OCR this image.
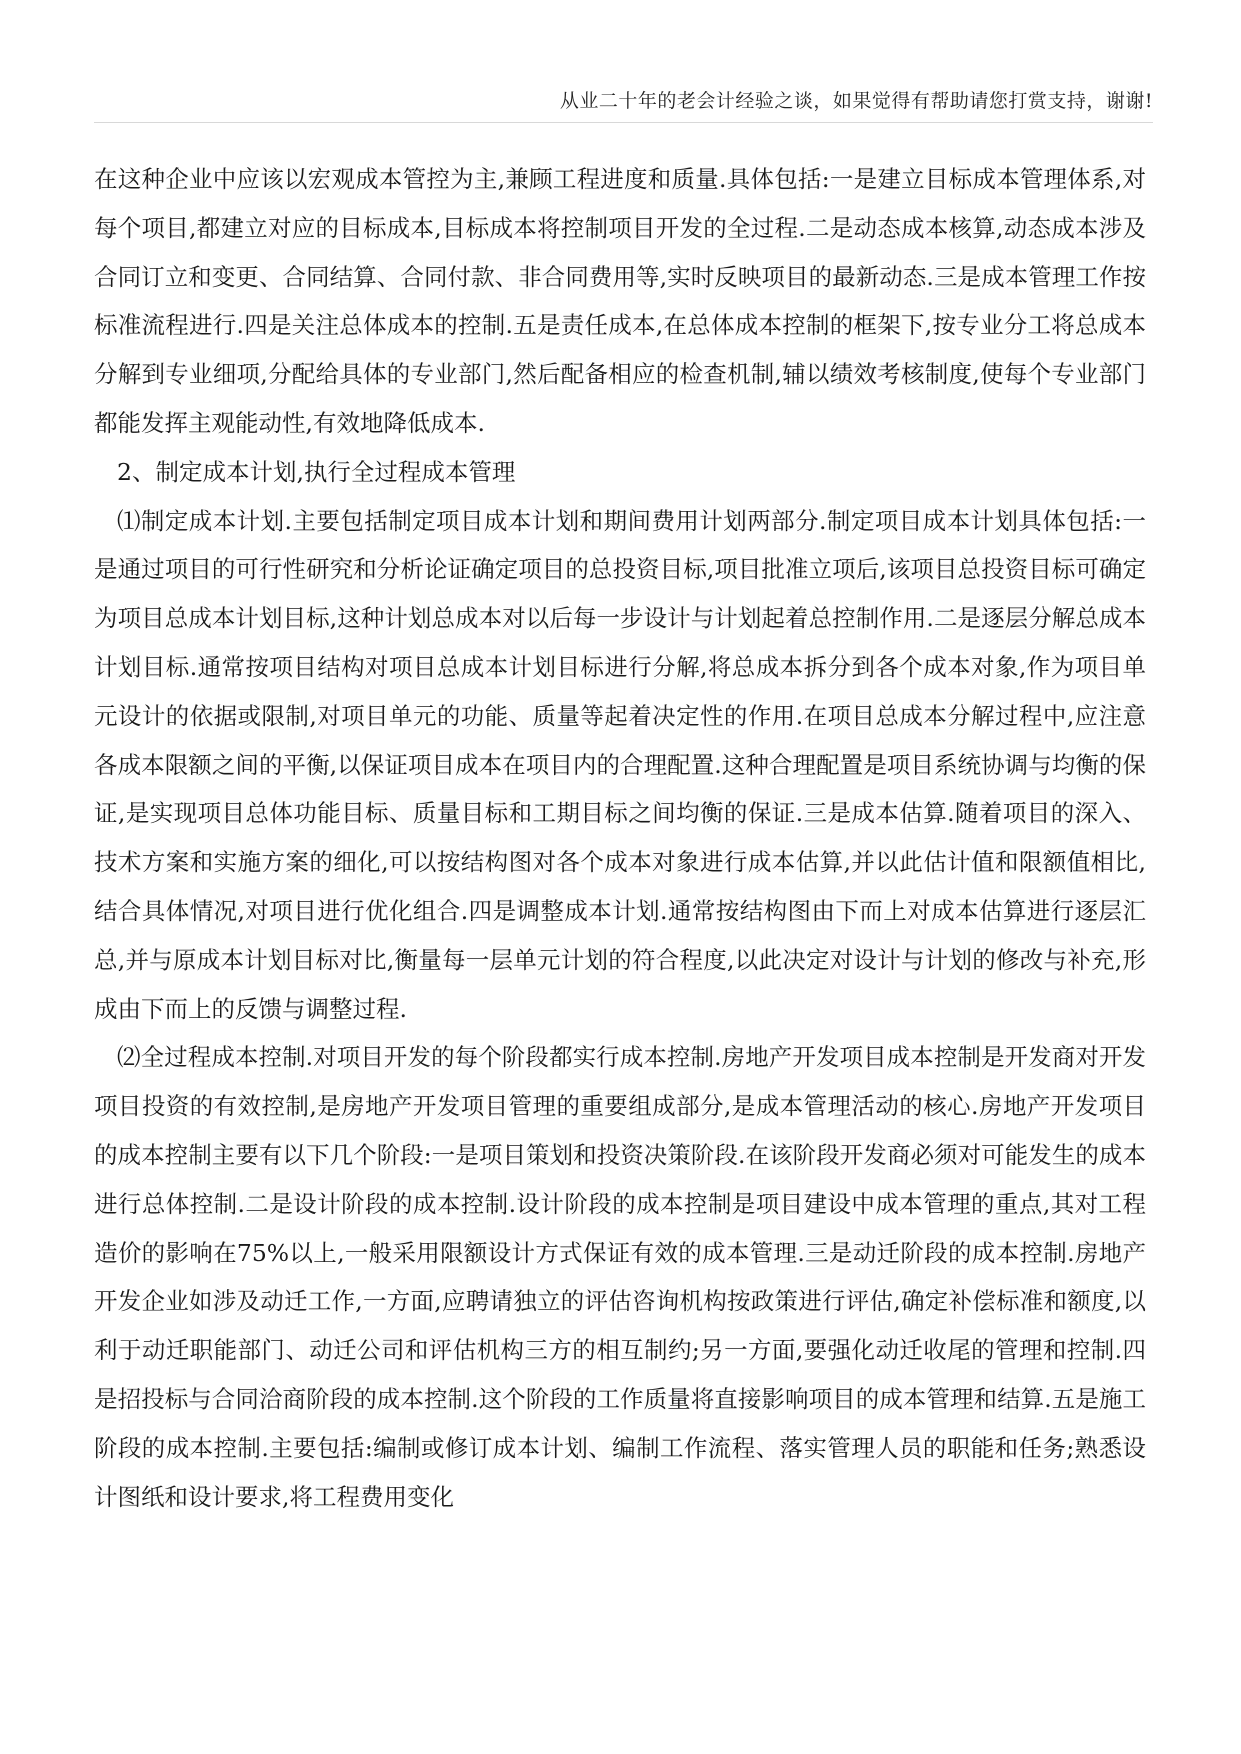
从业二十年的老会计经验之谈，如果觉得有帮助请您打赏支持，谢谢!

在这种企业中应该以宏观成本管控为主,兼顾工程进度和质量.具体包括:一是建立目标成本管理体系,对每个项目,都建立对应的目标成本,目标成本将控制项目开发的全过程.二是动态成本核算,动态成本涉及合同订立和变更、合同结算、合同付款、非合同费用等,实时反映项目的最新动态.三是成本管理工作按标准流程进行.四是关注总体成本的控制.五是责任成本,在总体成本控制的框架下,按专业分工将总成本分解到专业细项,分配给具体的专业部门,然后配备相应的检查机制,辅以绩效考核制度,使每个专业部门都能发挥主观能动性,有效地降低成本.

2、制定成本计划,执行全过程成本管理

⑴制定成本计划.主要包括制定项目成本计划和期间费用计划两部分.制定项目成本计划具体包括:一是通过项目的可行性研究和分析论证确定项目的总投资目标,项目批准立项后,该项目总投资目标可确定为项目总成本计划目标,这种计划总成本对以后每一步设计与计划起着总控制作用.二是逐层分解总成本计划目标.通常按项目结构对项目总成本计划目标进行分解,将总成本拆分到各个成本对象,作为项目单元设计的依据或限制,对项目单元的功能、质量等起着决定性的作用.在项目总成本分解过程中,应注意各成本限额之间的平衡,以保证项目成本在项目内的合理配置.这种合理配置是项目系统协调与均衡的保证,是实现项目总体功能目标、质量目标和工期目标之间均衡的保证.三是成本估算.随着项目的深入、技术方案和实施方案的细化,可以按结构图对各个成本对象进行成本估算,并以此估计值和限额值相比,结合具体情况,对项目进行优化组合.四是调整成本计划.通常按结构图由下而上对成本估算进行逐层汇总,并与原成本计划目标对比,衡量每一层单元计划的符合程度,以此决定对设计与计划的修改与补充,形成由下而上的反馈与调整过程.

⑵全过程成本控制.对项目开发的每个阶段都实行成本控制.房地产开发项目成本控制是开发商对开发项目投资的有效控制,是房地产开发项目管理的重要组成部分,是成本管理活动的核心.房地产开发项目的成本控制主要有以下几个阶段:一是项目策划和投资决策阶段.在该阶段开发商必须对可能发生的成本进行总体控制.二是设计阶段的成本控制.设计阶段的成本控制是项目建设中成本管理的重点,其对工程造价的影响在75%以上,一般采用限额设计方式保证有效的成本管理.三是动迁阶段的成本控制.房地产开发企业如涉及动迁工作,一方面,应聘请独立的评估咨询机构按政策进行评估,确定补偿标准和额度,以利于动迁职能部门、动迁公司和评估机构三方的相互制约;另一方面,要强化动迁收尾的管理和控制.四是招投标与合同洽商阶段的成本控制.这个阶段的工作质量将直接影响项目的成本管理和结算.五是施工阶段的成本控制.主要包括:编制或修订成本计划、编制工作流程、落实管理人员的职能和任务;熟悉设计图纸和设计要求,将工程费用变化
